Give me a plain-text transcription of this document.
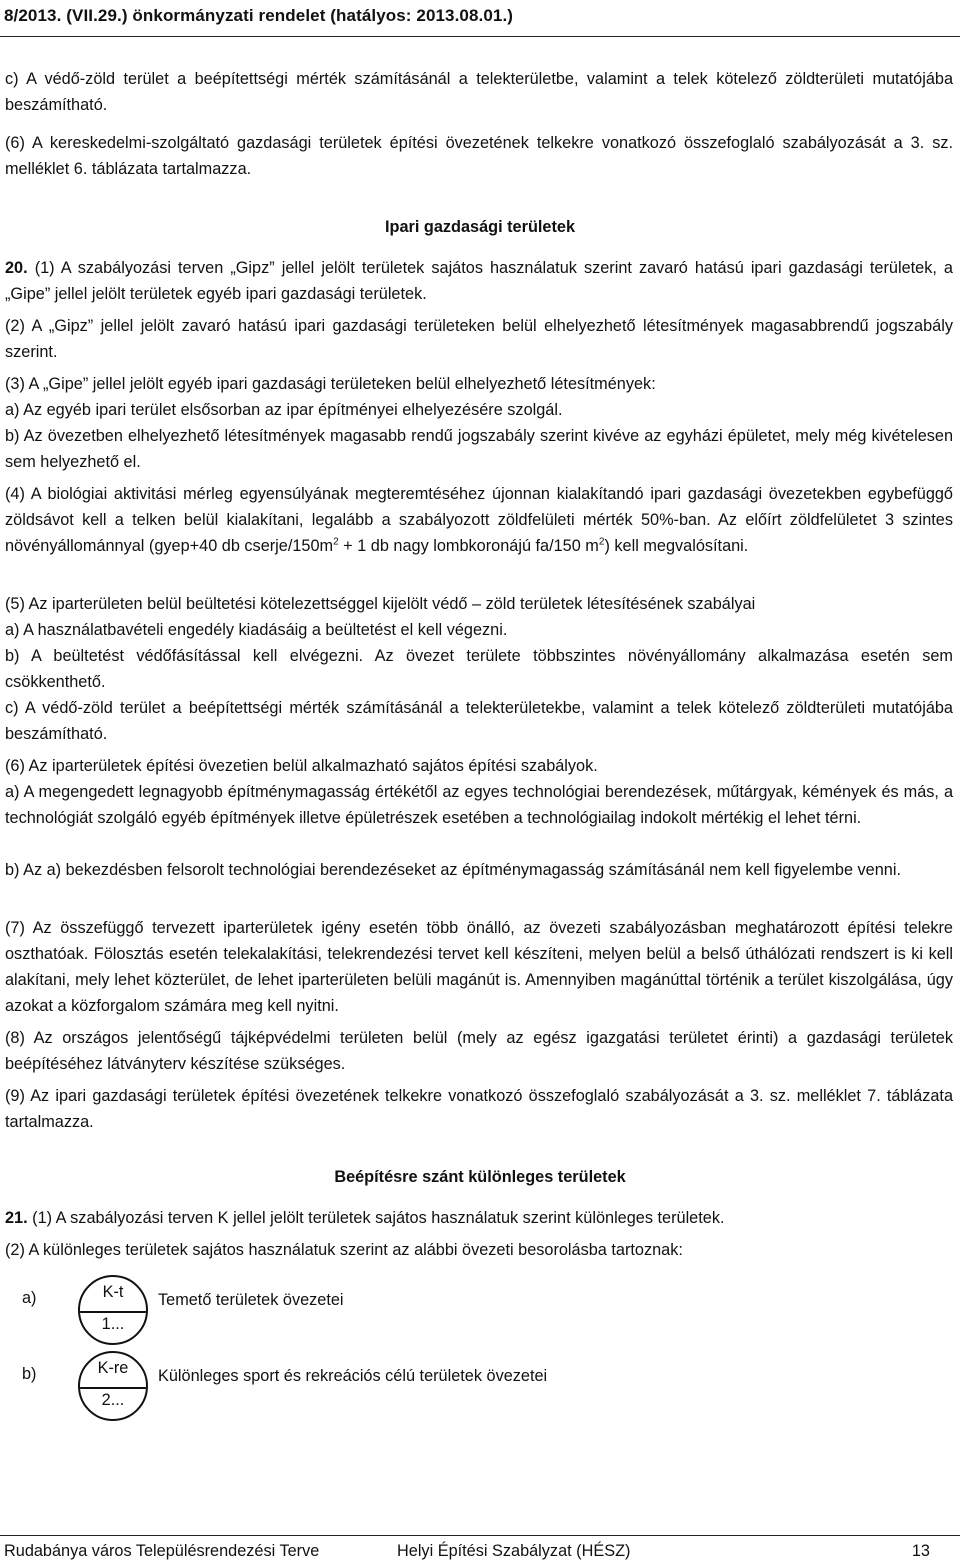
8/2013. (VII.29.) önkormányzati rendelet (hatályos: 2013.08.01.)

c) A védő-zöld terület a beépítettségi mérték számításánál a telekterületbe, valamint a telek kötelező zöldterületi mutatójába beszámítható.

(6) A kereskedelmi-szolgáltató gazdasági területek építési övezetének telkekre vonatkozó összefoglaló szabályozását a 3. sz. melléklet 6. táblázata tartalmazza.

Ipari gazdasági területek

20. (1) A szabályozási terven „Gipz” jellel jelölt területek sajátos használatuk szerint zavaró hatású ipari gazdasági területek, a „Gipe” jellel jelölt területek egyéb ipari gazdasági területek.

(2) A „Gipz” jellel jelölt zavaró hatású ipari gazdasági területeken belül elhelyezhető létesítmények magasabbrendű jogszabály szerint.

(3) A „Gipe” jellel jelölt egyéb ipari gazdasági területeken belül elhelyezhető létesítmények:

a) Az egyéb ipari terület elsősorban az ipar építményei elhelyezésére szolgál.

b) Az övezetben elhelyezhető létesítmények magasabb rendű jogszabály szerint kivéve az egyházi épületet, mely még kivételesen sem helyezhető el.

(4) A biológiai aktivitási mérleg egyensúlyának megteremtéséhez újonnan kialakítandó ipari gazdasági övezetekben egybefüggő zöldsávot kell a telken belül kialakítani, legalább a szabályozott zöldfelületi mérték 50%-ban. Az előírt zöldfelületet 3 szintes növényállománnyal (gyep+40 db cserje/$150m^2 + 1$ db nagy lombkoronájú fa/150 $m^2$) kell megvalósítani.

(5) Az iparterületen belül beültetési kötelezettséggel kijelölt védő – zöld területek létesítésének szabályai

a) A használatbavételi engedély kiadásáig a beültetést el kell végezni.

b) A beültetést védőfásítással kell elvégezni. Az övezet területe többszintes növényállomány alkalmazása esetén sem csökkenthető.

c) A védő-zöld terület a beépítettségi mérték számításánál a telekterületekbe, valamint a telek kötelező zöldterületi mutatójába beszámítható.

(6) Az iparterületek építési övezetien belül alkalmazható sajátos építési szabályok.

a) A megengedett legnagyobb építménymagasság értékétől az egyes technológiai berendezések, műtárgyak, kémények és más, a technológiát szolgáló egyéb építmények illetve épületrészek esetében a technológiailag indokolt mértékig el lehet térni.

b) Az a) bekezdésben felsorolt technológiai berendezéseket az építménymagasság számításánál nem kell figyelembe venni.

(7) Az összefüggő tervezett iparterületek igény esetén több önálló, az övezeti szabályozásban meghatározott építési telekre oszthatóak. Fölosztás esetén telekalakítási, telekrendezési tervet kell készíteni, melyen belül a belső úthálózati rendszert is ki kell alakítani, mely lehet közterület, de lehet iparterületen belüli magánút is. Amennyiben magánúttal történik a terület kiszolgálása, úgy azokat a közforgalom számára meg kell nyitni.

(8) Az országos jelentőségű tájképvédelmi területen belül (mely az egész igazgatási területet érinti) a gazdasági területek beépítéséhez látványterv készítése szükséges.

(9) Az ipari gazdasági területek építési övezetének telkekre vonatkozó összefoglaló szabályozását a 3. sz. melléklet 7. táblázata tartalmazza.

Beépítésre szánt különleges területek

21. (1) A szabályozási terven K jellel jelölt területek sajátos használatuk szerint különleges területek.

(2) A különleges területek sajátos használatuk szerint az alábbi övezeti besorolásba tartoznak:

a)	K-t
1...
Temető területek övezetei
b)	K-re
2...
Különleges sport és rekreációs célú területek övezetei
Rudabánya város Településrendezési Terve	Helyi Építési Szabályzat (HÉSZ)	13
